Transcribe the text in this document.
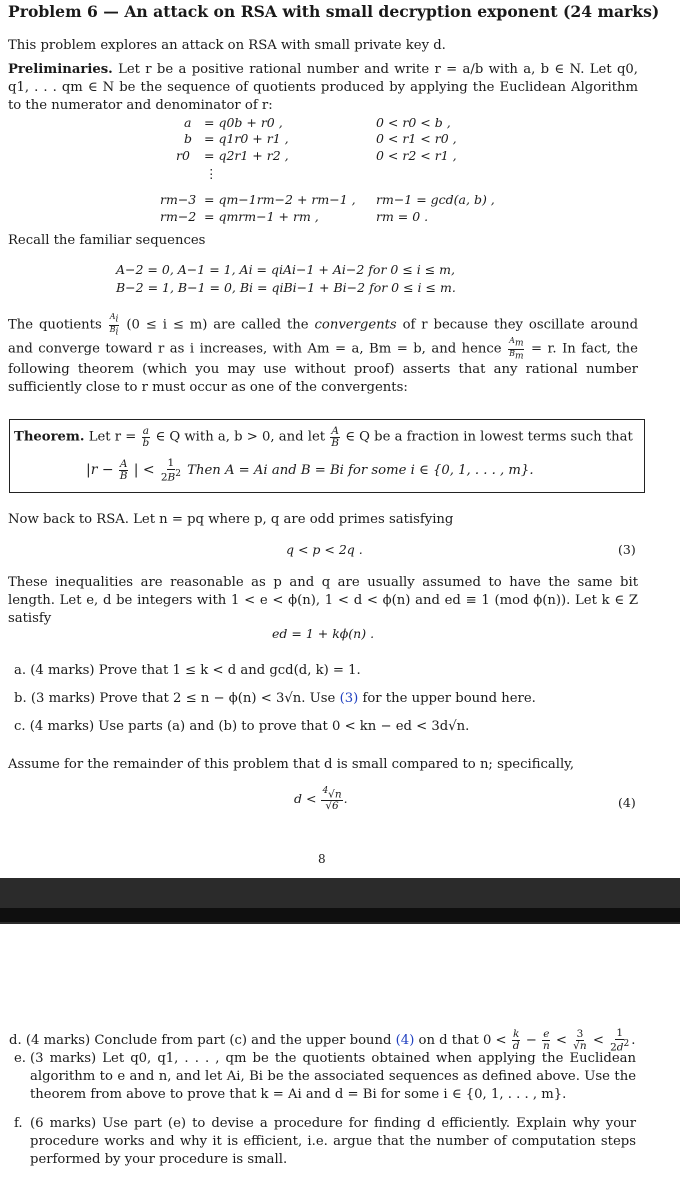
Problem 6 — An attack on RSA with small decryption exponent (24 marks)
This problem explores an attack on RSA with small private key d.
Preliminaries. Let r be a positive rational number and write r = a/b with a, b ∈ N. Let q0, q1, . . . qm ∈ N be the sequence of quotients produced by applying the Euclidean Algorithm to the numerator and denominator of r:
a = q0b + r0 ,
b = q1r0 + r1 ,
r0 = q2r1 + r2 ,
⋮
rm−3 = qm−1rm−2 + rm−1 ,
rm−2 = qmrm−1 + rm ,
0 < r0 < b ,
0 < r1 < r0 ,
0 < r2 < r1 ,
rm−1 = gcd(a, b) ,
rm = 0 .
Recall the familiar sequences
A−2 = 0, A−1 = 1, Ai = qiAi−1 + Ai−2 for 0 ≤ i ≤ m,
B−2 = 1, B−1 = 0, Bi = qiBi−1 + Bi−2 for 0 ≤ i ≤ m.
The quotients $\frac{A_i}{B_i} (0 \le i \le m)$ are called the convergents of r because they oscillate around and converge toward r as i increases, with Am = a, Bm = b, and hence $\frac{A_m}{B_m} = r$. In fact, the following theorem (which you may use without proof) asserts that any rational number sufficiently close to r must occur as one of the convergents:
Theorem. Let $r = \frac{a}{b}$ ∈ Q with a, b > 0, and let $\frac{A}{B}$ ∈ Q be a fraction in lowest terms such that
$|r - \frac{A}{B}$ | < $\frac{1}{2B^2}$ Then A = Ai and B = Bi for some i ∈ {0, 1, . . . , m}.
Now back to RSA. Let n = pq where p, q are odd primes satisfying
q < p < 2q .	(3)
These inequalities are reasonable as p and q are usually assumed to have the same bit length. Let e, d be integers with 1 < e < ϕ(n), 1 < d < ϕ(n) and ed ≡ 1 (mod ϕ(n)). Let k ∈ Z satisfy
ed = 1 + kϕ(n) .
a. (4 marks) Prove that 1 ≤ k < d and gcd(d, k) = 1.
b. (3 marks) Prove that 2 ≤ n − ϕ(n) < 3√n. Use (3) for the upper bound here.
c. (4 marks) Use parts (a) and (b) to prove that 0 < kn − ed < 3d√n.
Assume for the remainder of this problem that d is small compared to n; specifically,
$d < \frac{^4√n}{√6}$ .	(4)
8
d. (4 marks) Conclude from part (c) and the upper bound (4) on d that $0 < \frac{k}{d} - \frac{e}{n} < \frac{3}{√n} < \frac{1}{2d^2}$ .
e. (3 marks) Let q0, q1, . . . , qm be the quotients obtained when applying the Euclidean algorithm to e and n, and let Ai, Bi be the associated sequences as defined above. Use the theorem from above to prove that k = Ai and d = Bi for some i ∈ {0, 1, . . . , m}.
f. (6 marks) Use part (e) to devise a procedure for finding d efficiently. Explain why your procedure works and why it is efficient, i.e. argue that the number of computation steps performed by your procedure is small.
